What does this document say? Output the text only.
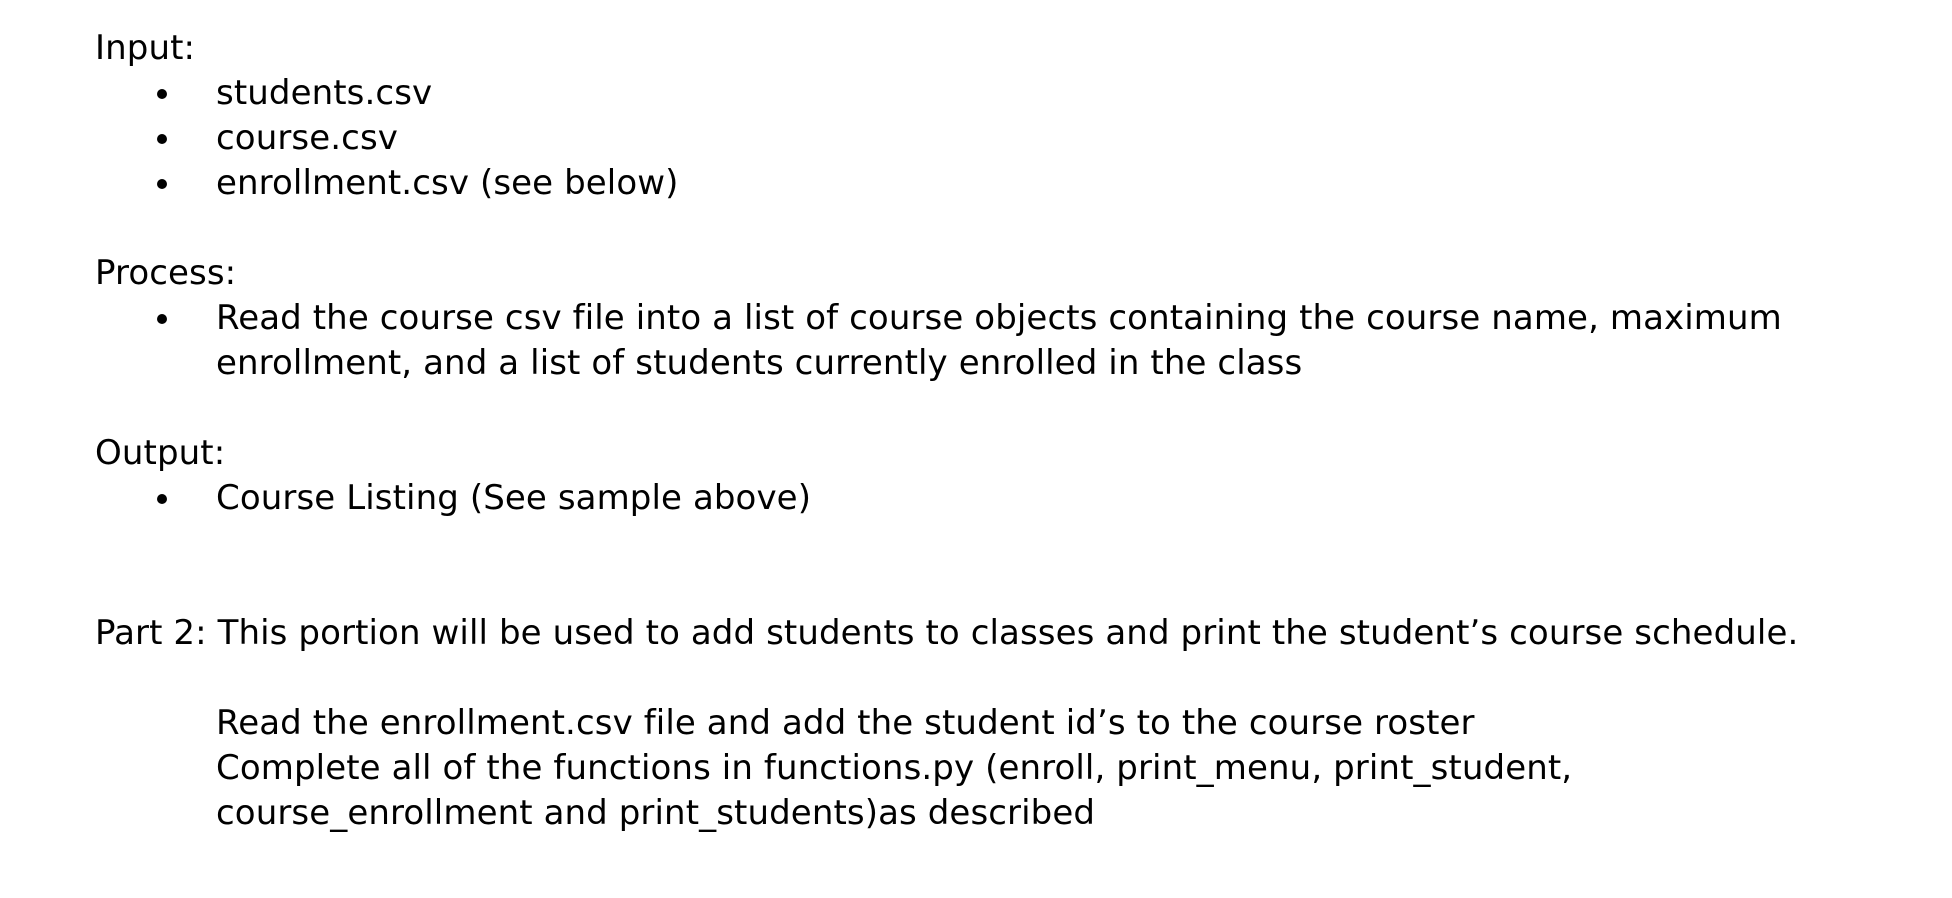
Input:

students.csv
course.csv
enrollment.csv (see below)

Process:

Read the course csv file into a list of course objects containing the course name, maximum enrollment, and a list of students currently enrolled in the class

Output:

Course Listing (See sample above)

Part 2: This portion will be used to add students to classes and print the student’s course schedule.

Read the enrollment.csv file and add the student id’s to the course roster

Complete all of the functions in functions.py (enroll, print_menu, print_student, course_enrollment and print_students)as described
